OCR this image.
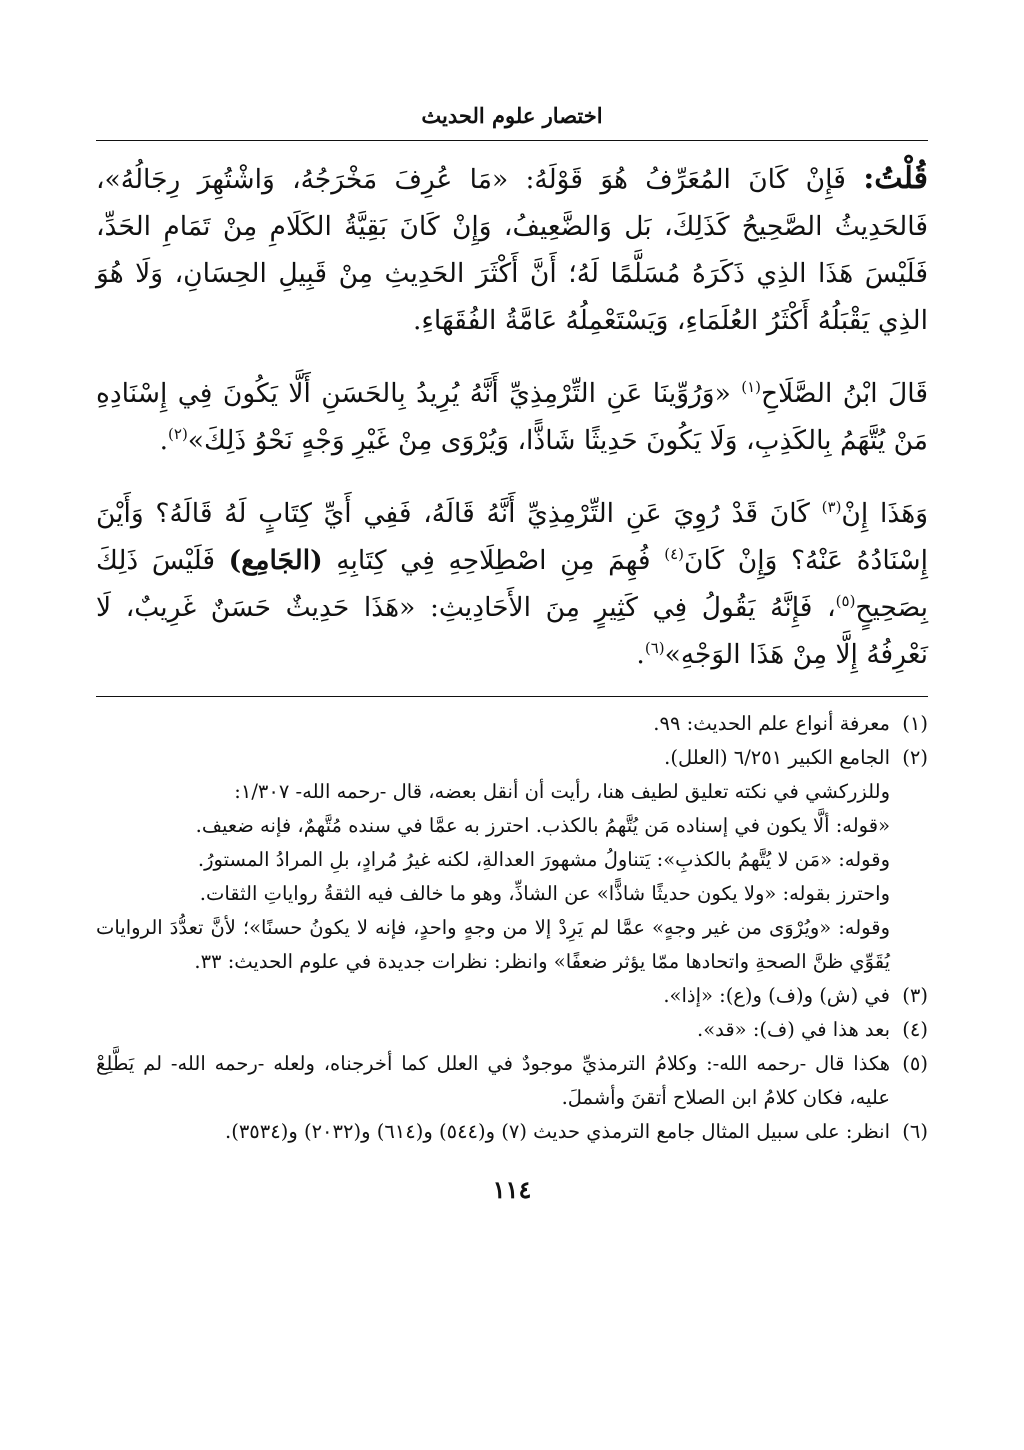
اختصار علوم الحديث

قُلْتُ: فَإِنْ كَانَ المُعَرِّفُ هُوَ قَوْلَهُ: «مَا عُرِفَ مَخْرَجُهُ، وَاشْتُهِرَ رِجَالُهُ»، فَالحَدِيثُ الصَّحِيحُ كَذَلِكَ، بَل وَالضَّعِيفُ، وَإِنْ كَانَ بَقِيَّةُ الكَلَامِ مِنْ تَمَامِ الحَدِّ، فَلَيْسَ هَذَا الذِي ذَكَرَهُ مُسَلَّمًا لَهُ؛ أَنَّ أَكْثَرَ الحَدِيثِ مِنْ قَبِيلِ الحِسَانِ، وَلَا هُوَ الذِي يَقْبَلُهُ أَكْثَرُ العُلَمَاءِ، وَيَسْتَعْمِلُهُ عَامَّةُ الفُقَهَاءِ.

قَالَ ابْنُ الصَّلَاحِ$^{(١)}$ «وَرُوِّينَا عَنِ التِّرْمِذِيِّ أَنَّهُ يُرِيدُ بِالحَسَنِ أَلَّا يَكُونَ فِي إِسْنَادِهِ مَنْ يُتَّهَمُ بِالكَذِبِ، وَلَا يَكُونَ حَدِيثًا شَاذًّا، وَيُرْوَى مِنْ غَيْرِ وَجْهٍ نَحْوُ ذَلِكَ»$^{(٢)}$.

وَهَذَا إِنْ$^{(٣)}$ كَانَ قَدْ رُوِيَ عَنِ التِّرْمِذِيِّ أَنَّهُ قَالَهُ، فَفِي أَيِّ كِتَابٍ لَهُ قَالَهُ؟ وَأَيْنَ إِسْنَادُهُ عَنْهُ؟ وَإِنْ كَانَ$^{(٤)}$ فُهِمَ مِنِ اصْطِلَاحِهِ فِي كِتَابِهِ (الجَامِع) فَلَيْسَ ذَلِكَ بِصَحِيحٍ$^{(٥)}$، فَإِنَّهُ يَقُولُ فِي كَثِيرٍ مِنَ الأَحَادِيثِ: «هَذَا حَدِيثٌ حَسَنٌ غَرِيبٌ، لَا نَعْرِفُهُ إِلَّا مِنْ هَذَا الوَجْهِ»$^{(٦)}$.

(١)
معرفة أنواع علم الحديث: ٩٩.
(٢)
الجامع الكبير ٦/٢٥١ (العلل).
وللزركشي في نكته تعليق لطيف هنا، رأيت أن أنقل بعضه، قال -رحمه الله- ١/٣٠٧:
«قوله: ألَّا يكون في إسناده مَن يُتَّهمُ بالكذب. احترز به عمَّا في سنده مُتَّهمٌ، فإنه ضعيف.
وقوله: «مَن لا يُتَّهمُ بالكذبِ»: يَتناولُ مشهورَ العدالةِ، لكنه غيرُ مُرادٍ، بلِ المرادُ المستورُ.
واحترز بقوله: «ولا يكون حديثًا شاذًّا» عن الشاذِّ، وهو ما خالف فيه الثقةُ رواياتِ الثقات.
وقوله: «ويُرْوَى من غير وجهٍ» عمَّا لم يَرِدْ إلا من وجهٍ واحدٍ، فإنه لا يكونُ حسنًا»؛ لأنَّ تعدُّدَ الروايات يُقَوِّي ظنَّ الصحةِ واتحادها ممّا يؤثر ضعفًا» وانظر: نظرات جديدة في علوم الحديث: ٣٣.
(٣)
في (ش) و(ف) و(ع): «إذا».
(٤)
بعد هذا في (ف): «قد».
(٥)
هكذا قال -رحمه الله-: وكلامُ الترمذيِّ موجودٌ في العلل كما أخرجناه، ولعله -رحمه الله- لم يَطَّلِعْ عليه، فكان كلامُ ابن الصلاح أتقنَ وأشملَ.
(٦)
انظر: على سبيل المثال جامع الترمذي حديث (٧) و(٥٤٤) و(٦١٤) و(٢٠٣٢) و(٣٥٣٤).
١١٤
